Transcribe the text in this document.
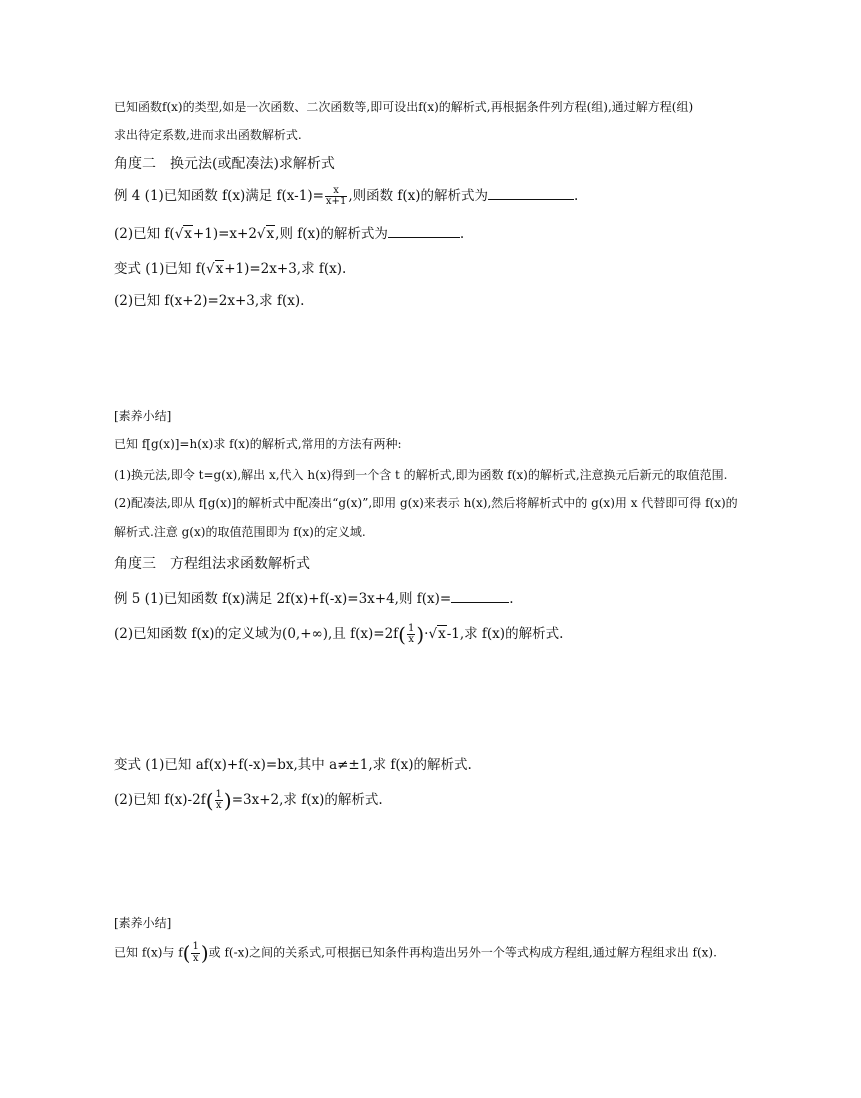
已知函数f(x)的类型,如是一次函数、二次函数等,即可设出f(x)的解析式,再根据条件列方程(组),通过解方程(组)
求出待定系数,进而求出函数解析式.
角度二　换元法(或配凑法)求解析式
例 4 (1)已知函数 f(x)满足 $f(x-1)= \frac{x}{x+1}$ ,则函数 f(x)的解析式为	.
(2)已知 f(√x+1)=x+2√x,则 f(x)的解析式为	.
变式 (1)已知 f(√x+1)=2x+3,求 f(x).
(2)已知 f(x+2)=2x+3,求 f(x).
[素养小结]
已知 f[g(x)]=h(x)求 f(x)的解析式,常用的方法有两种:
(1)换元法,即令 t=g(x),解出 x,代入 h(x)得到一个含 t 的解析式,即为函数 f(x)的解析式,注意换元后新元的取值范围.
(2)配凑法,即从 f[g(x)]的解析式中配凑出“g(x)”,即用 g(x)来表示 h(x),然后将解析式中的 g(x)用 x 代替即可得 f(x)的
解析式.注意 g(x)的取值范围即为 f(x)的定义域.
角度三　方程组法求函数解析式
例 5 (1)已知函数 f(x)满足 2f(x)+f(-x)=3x+4,则 f(x)=	.
(2)已知函数 f(x)的定义域为(0,+∞),且 $f(x)=2f( \frac{1}{x} )\cdot√x-1$,求 f(x)的解析式.
变式 (1)已知 af(x)+f(-x)=bx,其中 a≠±1,求 f(x)的解析式.
(2)已知 $f(x)-2f( \frac{1}{x} )=3x+2$,求 f(x)的解析式.
[素养小结]
已知 f(x)与 $f( \frac{1}{x}$ )或 f(-x)之间的关系式,可根据已知条件再构造出另外一个等式构成方程组,通过解方程组求出 f(x).
